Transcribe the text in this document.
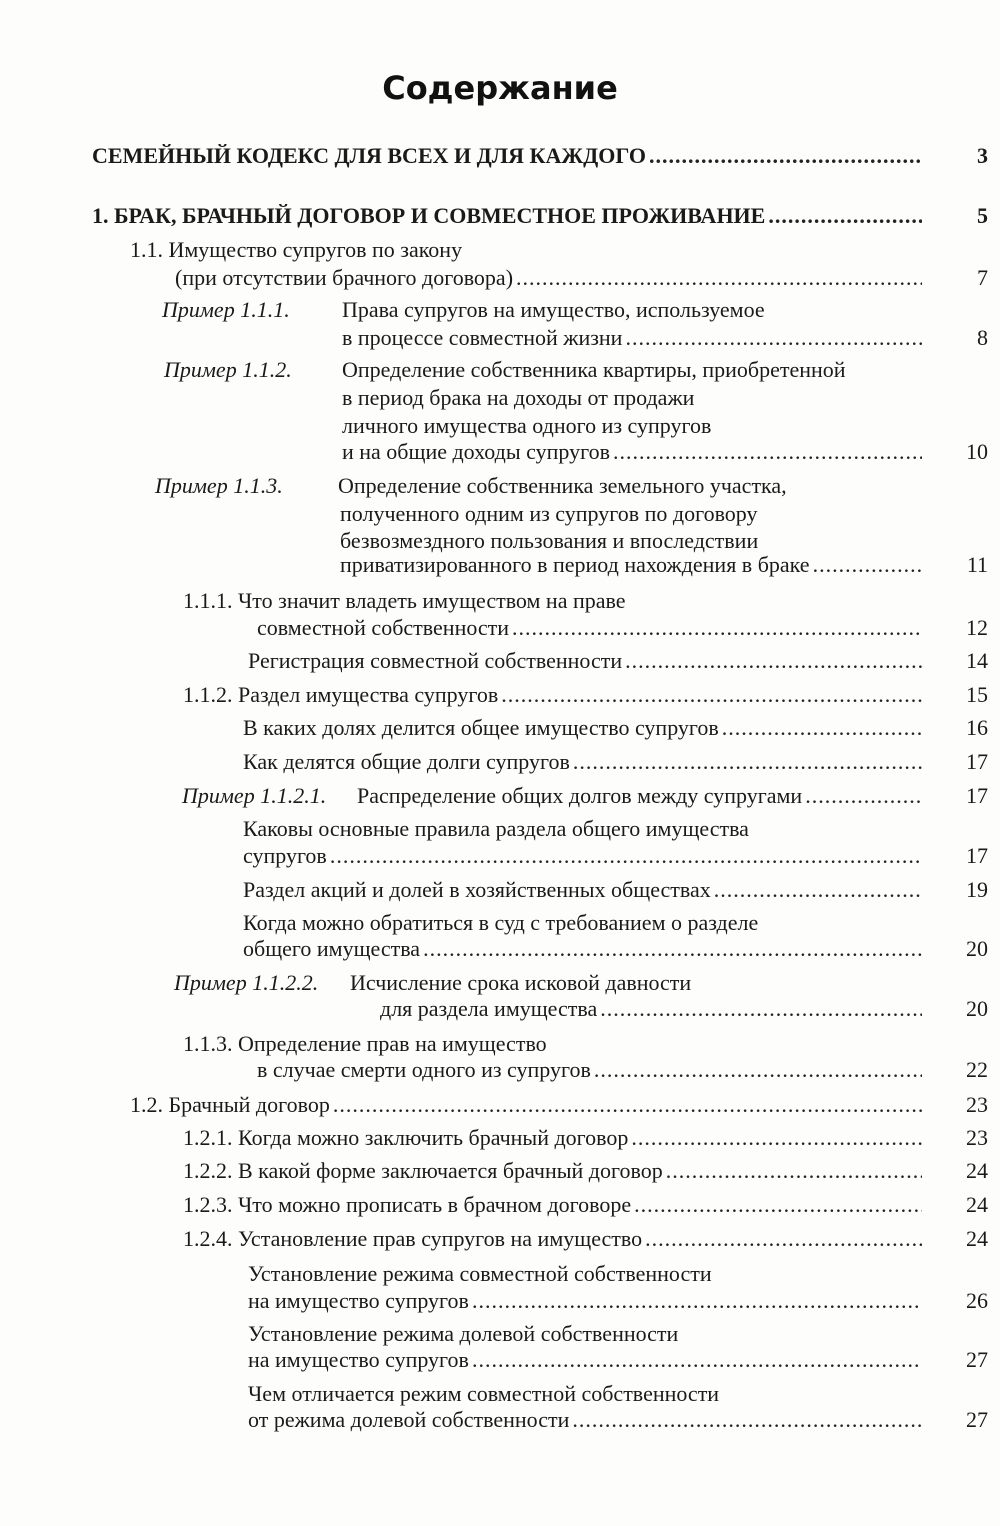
Содержание
СЕМЕЙНЫЙ КОДЕКС ДЛЯ ВСЕХ И ДЛЯ КАЖДОГО .....	3
1. БРАК, БРАЧНЫЙ ДОГОВОР И СОВМЕСТНОЕ ПРОЖИВАНИЕ .....	5
1.1. Имущество супругов по закону
(при отсутствии брачного договора) .....	7
Пример 1.1.1. Права супругов на имущество, используемое
в процессе совместной жизни .....	8
Пример 1.1.2. Определение собственника квартиры, приобретенной
в период брака на доходы от продажи
личного имущества одного из супругов
и на общие доходы супругов .....	10
Пример 1.1.3.	Определение собственника земельного участка,
полученного одним из супругов по договору
безвозмездного пользования и впоследствии
приватизированного в период нахождения в браке .....	11
1.1.1. Что значит владеть имуществом на праве
совместной собственности .....	12
Регистрация совместной собственности .....	14
1.1.2. Раздел имущества супругов .....	15
В каких долях делится общее имущество супругов .....	16
Как делятся общие долги супругов .....	17
Пример 1.1.2.1. Распределение общих долгов между супругами .....	17
Каковы основные правила раздела общего имущества
супругов .....	17
Раздел акций и долей в хозяйственных обществах .....	19
Когда можно обратиться в суд с требованием о разделе
общего имущества .....	20
Пример 1.1.2.2. Исчисление срока исковой давности
для раздела имущества .....	20
1.1.3. Определение прав на имущество
в случае смерти одного из супругов .....	22
1.2. Брачный договор .....	23
1.2.1. Когда можно заключить брачный договор .....	23
1.2.2. В какой форме заключается брачный договор .....	24
1.2.3. Что можно прописать в брачном договоре .....	24
1.2.4. Установление прав супругов на имущество .....	24
Установление режима совместной собственности
на имущество супругов .....	26
Установление режима долевой собственности
на имущество супругов .....	27
Чем отличается режим совместной собственности
от режима долевой собственности .....	27
